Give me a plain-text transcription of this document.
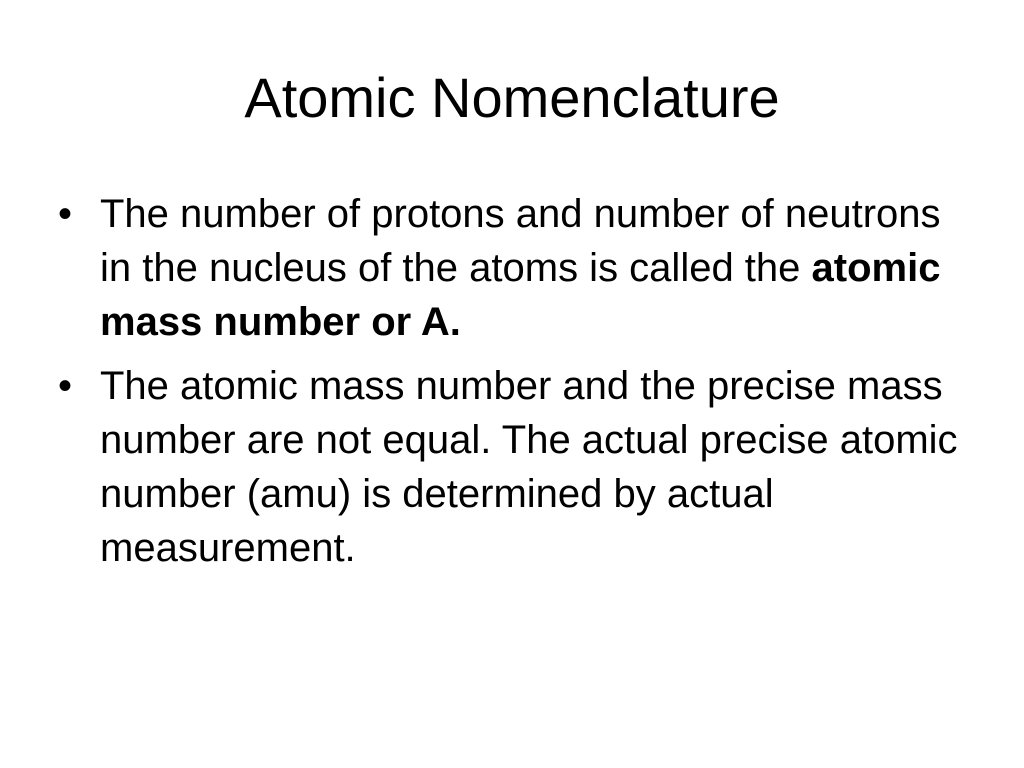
Atomic Nomenclature
• The number of protons and number of neutrons in the nucleus of the atoms is called the atomic mass number or A.
• The atomic mass number and the precise mass number are not equal. The actual precise atomic number (amu) is determined by actual measurement.
